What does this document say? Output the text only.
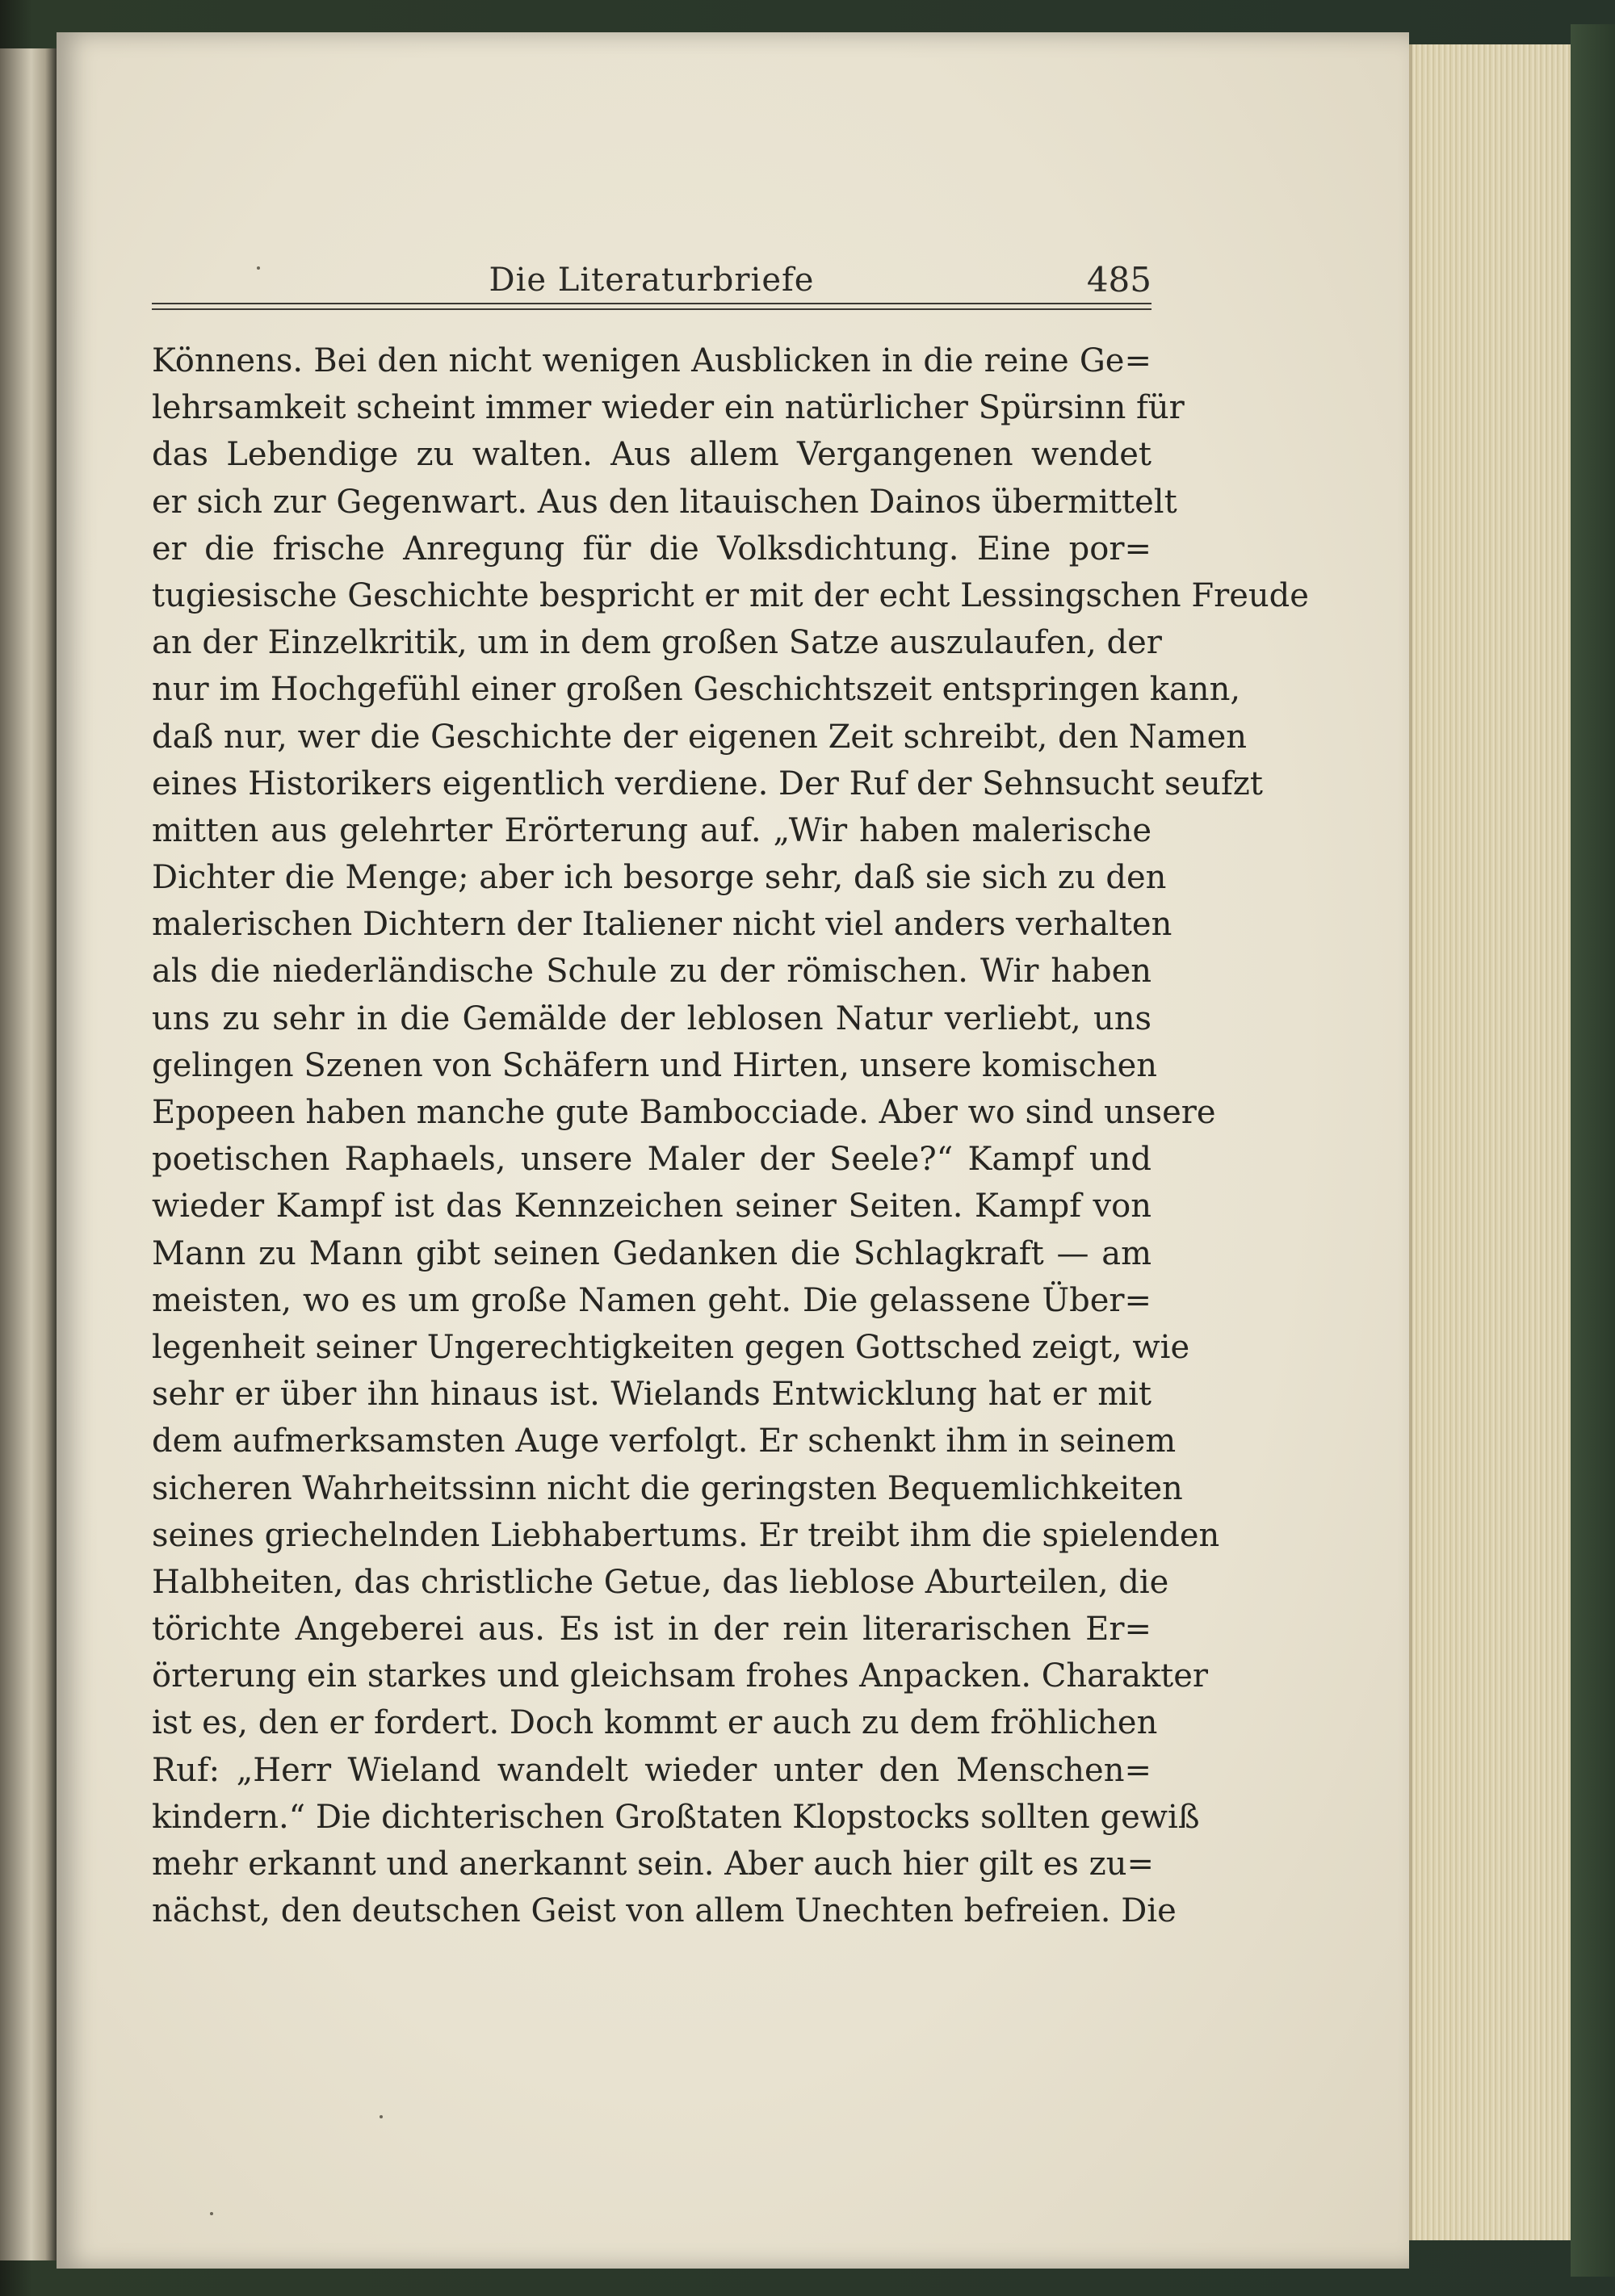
Die Literaturbriefe	485
Könnens. Bei den nicht wenigen Ausblicken in die reine Ge=
lehrsamkeit scheint immer wieder ein natürlicher Spürsinn für
das Lebendige zu walten. Aus allem Vergangenen wendet
er sich zur Gegenwart. Aus den litauischen Dainos übermittelt
er die frische Anregung für die Volksdichtung. Eine por=
tugiesische Geschichte bespricht er mit der echt Lessingschen Freude
an der Einzelkritik, um in dem großen Satze auszulaufen, der
nur im Hochgefühl einer großen Geschichtszeit entspringen kann,
daß nur, wer die Geschichte der eigenen Zeit schreibt, den Namen
eines Historikers eigentlich verdiene. Der Ruf der Sehnsucht seufzt
mitten aus gelehrter Erörterung auf. „Wir haben malerische
Dichter die Menge; aber ich besorge sehr, daß sie sich zu den
malerischen Dichtern der Italiener nicht viel anders verhalten
als die niederländische Schule zu der römischen. Wir haben
uns zu sehr in die Gemälde der leblosen Natur verliebt, uns
gelingen Szenen von Schäfern und Hirten, unsere komischen
Epopeen haben manche gute Bambocciade. Aber wo sind unsere
poetischen Raphaels, unsere Maler der Seele?“ Kampf und
wieder Kampf ist das Kennzeichen seiner Seiten. Kampf von
Mann zu Mann gibt seinen Gedanken die Schlagkraft — am
meisten, wo es um große Namen geht. Die gelassene Über=
legenheit seiner Ungerechtigkeiten gegen Gottsched zeigt, wie
sehr er über ihn hinaus ist. Wielands Entwicklung hat er mit
dem aufmerksamsten Auge verfolgt. Er schenkt ihm in seinem
sicheren Wahrheitssinn nicht die geringsten Bequemlichkeiten
seines griechelnden Liebhabertums. Er treibt ihm die spielenden
Halbheiten, das christliche Getue, das lieblose Aburteilen, die
törichte Angeberei aus. Es ist in der rein literarischen Er=
örterung ein starkes und gleichsam frohes Anpacken. Charakter
ist es, den er fordert. Doch kommt er auch zu dem fröhlichen
Ruf: „Herr Wieland wandelt wieder unter den Menschen=
kindern.“ Die dichterischen Großtaten Klopstocks sollten gewiß
mehr erkannt und anerkannt sein. Aber auch hier gilt es zu=
nächst, den deutschen Geist von allem Unechten befreien. Die
